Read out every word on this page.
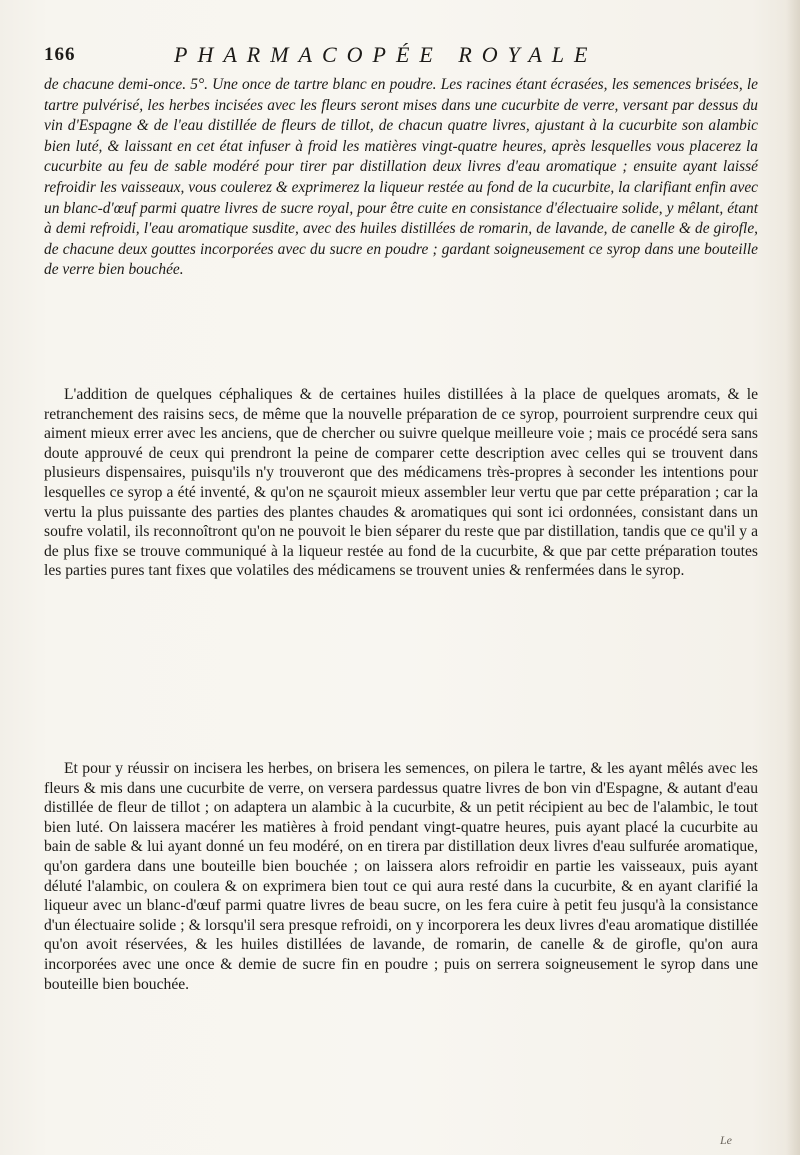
166	PHARMACOPÉE ROYALE
de chacune demi-once. 5°. Une once de tartre blanc en poudre. Les racines étant écrasées, les semences brisées, le tartre pulvérisé, les herbes incisées avec les fleurs seront mises dans une cucurbite de verre, versant par dessus du vin d'Espagne & de l'eau distillée de fleurs de tillot, de chacun quatre livres, ajustant à la cucurbite son alambic bien luté, & laissant en cet état infuser à froid les matières vingt-quatre heures, après lesquelles vous placerez la cucurbite au feu de sable modéré pour tirer par distillation deux livres d'eau aromatique ; ensuite ayant laissé refroidir les vaisseaux, vous coulerez & exprimerez la liqueur restée au fond de la cucurbite, la clarifiant enfin avec un blanc-d'œuf parmi quatre livres de sucre royal, pour être cuite en consistance d'électuaire solide, y mêlant, étant à demi refroidi, l'eau aromatique susdite, avec des huiles distillées de romarin, de lavande, de canelle & de girofle, de chacune deux gouttes incorporées avec du sucre en poudre ; gardant soigneusement ce syrop dans une bouteille de verre bien bouchée.
L'addition de quelques céphaliques & de certaines huiles distillées à la place de quelques aromats, & le retranchement des raisins secs, de même que la nouvelle préparation de ce syrop, pourroient surprendre ceux qui aiment mieux errer avec les anciens, que de chercher ou suivre quelque meilleure voie ; mais ce procédé sera sans doute approuvé de ceux qui prendront la peine de comparer cette description avec celles qui se trouvent dans plusieurs dispensaires, puisqu'ils n'y trouveront que des médicamens très-propres à seconder les intentions pour lesquelles ce syrop a été inventé, & qu'on ne sçauroit mieux assembler leur vertu que par cette préparation ; car la vertu la plus puissante des parties des plantes chaudes & aromatiques qui sont ici ordonnées, consistant dans un soufre volatil, ils reconnoîtront qu'on ne pouvoit le bien séparer du reste que par distillation, tandis que ce qu'il y a de plus fixe se trouve communiqué à la liqueur restée au fond de la cucurbite, & que par cette préparation toutes les parties pures tant fixes que volatiles des médicamens se trouvent unies & renfermées dans le syrop.
Et pour y réussir on incisera les herbes, on brisera les semences, on pilera le tartre, & les ayant mêlés avec les fleurs & mis dans une cucurbite de verre, on versera pardessus quatre livres de bon vin d'Espagne, & autant d'eau distillée de fleur de tillot ; on adaptera un alambic à la cucurbite, & un petit récipient au bec de l'alambic, le tout bien luté. On laissera macérer les matières à froid pendant vingt-quatre heures, puis ayant placé la cucurbite au bain de sable & lui ayant donné un feu modéré, on en tirera par distillation deux livres d'eau sulfurée aromatique, qu'on gardera dans une bouteille bien bouchée ; on laissera alors refroidir en partie les vaisseaux, puis ayant déluté l'alambic, on coulera & on exprimera bien tout ce qui aura resté dans la cucurbite, & en ayant clarifié la liqueur avec un blanc-d'œuf parmi quatre livres de beau sucre, on les fera cuire à petit feu jusqu'à la consistance d'un électuaire solide ; & lorsqu'il sera presque refroidi, on y incorporera les deux livres d'eau aromatique distillée qu'on avoit réservées, & les huiles distillées de lavande, de romarin, de canelle & de girofle, qu'on aura incorporées avec une once & demie de sucre fin en poudre ; puis on serrera soigneusement le syrop dans une bouteille bien bouchée.
Le
